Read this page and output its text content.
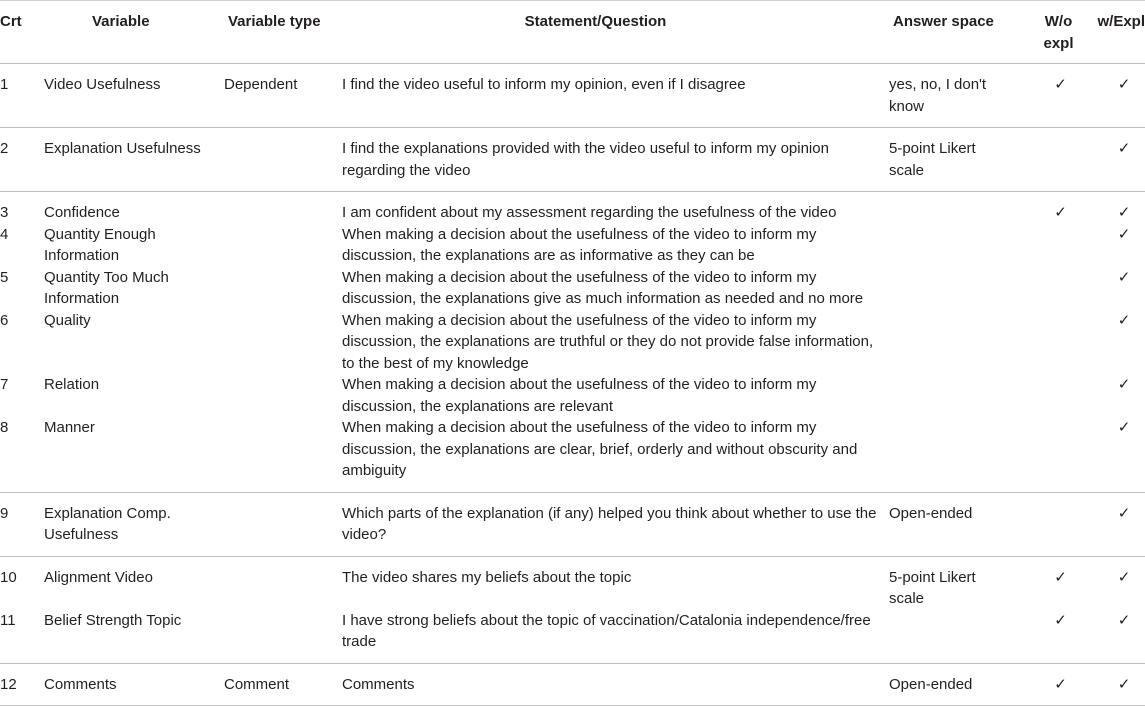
Crt	Variable	Variable type	Statement/Question	Answer space	W/o expl	w/Expl
1	Video Usefulness	Dependent	I find the video useful to inform my opinion, even if I disagree	yes, no, I don't know	✓	✓
2	Explanation Usefulness		I find the explanations provided with the video useful to inform my opinion regarding the video	5-point Likert scale		✓
3	Confidence		I am confident about my assessment regarding the usefulness of the video		✓	✓
4	Quantity Enough Information		When making a decision about the usefulness of the video to inform my discussion, the explanations are as informative as they can be			✓
5	Quantity Too Much Information		When making a decision about the usefulness of the video to inform my discussion, the explanations give as much information as needed and no more			✓
6	Quality		When making a decision about the usefulness of the video to inform my discussion, the explanations are truthful or they do not provide false information, to the best of my knowledge			✓
7	Relation		When making a decision about the usefulness of the video to inform my discussion, the explanations are relevant			✓
8	Manner		When making a decision about the usefulness of the video to inform my discussion, the explanations are clear, brief, orderly and without obscurity and ambiguity			✓
9	Explanation Comp. Usefulness		Which parts of the explanation (if any) helped you think about whether to use the video?	Open-ended		✓
10	Alignment Video		The video shares my beliefs about the topic	5-point Likert scale	✓	✓
11	Belief Strength Topic		I have strong beliefs about the topic of vaccination/Catalonia independence/free trade		✓	✓
12	Comments	Comment	Comments	Open-ended	✓	✓
